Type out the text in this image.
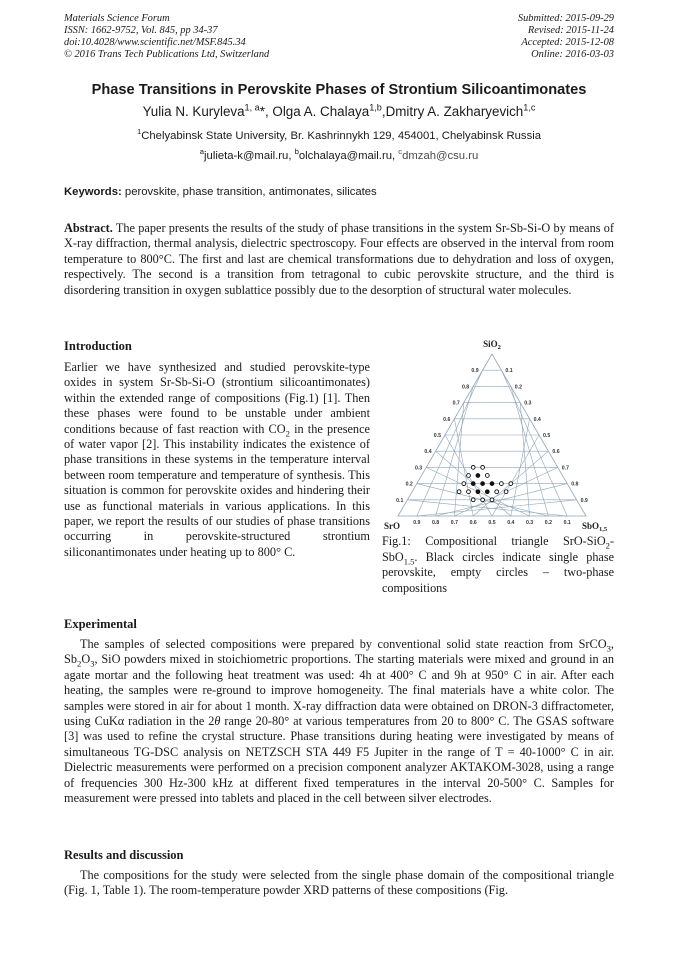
Materials Science Forum
ISSN: 1662-9752, Vol. 845, pp 34-37
doi:10.4028/www.scientific.net/MSF.845.34
© 2016 Trans Tech Publications Ltd, Switzerland
Submitted: 2015-09-29
Revised: 2015-11-24
Accepted: 2015-12-08
Online: 2016-03-03
Phase Transitions in Perovskite Phases of Strontium Silicoantimonates
Yulia N. Kuryleva$^{1, a}$*, Olga A. Chalaya$^{1,b}$,Dmitry A. Zakharyevich$^{1,c}$
$^1$Chelyabinsk State University, Br. Kashrinnykh 129, 454001, Chelyabinsk Russia
$^a$julieta-k@mail.ru, $^b$olchalaya@mail.ru, $^c$dmzah@csu.ru
Keywords: perovskite, phase transition, antimonates, silicates

Abstract. The paper presents the results of the study of phase transitions in the system Sr-Sb-Si-O by means of X-ray diffraction, thermal analysis, dielectric spectroscopy. Four effects are observed in the interval from room temperature to 800°C. The first and last are chemical transformations due to dehydration and loss of oxygen, respectively. The second is a transition from tetragonal to cubic perovskite structure, and the third is disordering transition in oxygen sublattice possibly due to the desorption of structural water molecules.

Introduction

Earlier we have synthesized and studied perovskite-type oxides in system Sr-Sb-Si-O (strontium silicoantimonates) within the extended range of compositions (Fig.1) [1]. Then these phases were found to be unstable under ambient conditions because of fast reaction with $CO_2$ in the presence of water vapor [2]. This instability indicates the existence of phase transitions in these systems in the temperature interval between room temperature and temperature of synthesis. This situation is common for perovskite oxides and hindering their use as functional materials in various applications. In this paper, we report the results of our studies of phase transitions occurring in perovskite-structured strontium siliconantimonates under heating up to 800° C.

0.9
0.9
0.9
0.8
0.8
0.8
0.7
0.7
0.7
0.6
0.6
0.6
0.5
0.5	0.5
0.4
0.4
0.4
0.3
0.3
0.3
0.2
0.2
0.2
0.1
0.1
0.1
SiO$_2$
SrO	SbO$_{1,5}$

Fig.1: Compositional triangle SrO-SiO$_2$-SbO$_{1.5}$. Black circles indicate single phase perovskite, empty circles – two-phase compositions

Experimental

The samples of selected compositions were prepared by conventional solid state reaction from SrCO$_3$, $Sb_2O_3$, SiO powders mixed in stoichiometric proportions. The starting materials were mixed and ground in an agate mortar and the following heat treatment was used: 4h at 400° C and 9h at 950° C in air. After each heating, the samples were re-ground to improve homogeneity. The final materials have a white color. The samples were stored in air for about 1 month. X-ray diffraction data were obtained on DRON-3 diffractometer, using CuKα radiation in the 2θ range 20-80° at various temperatures from 20 to 800° C. The GSAS software [3] was used to refine the crystal structure. Phase transitions during heating were investigated by means of simultaneous TG-DSC analysis on NETZSCH STA 449 F5 Jupiter in the range of T = 40-1000° C in air. Dielectric measurements were performed on a precision component analyzer AKTAKOM-3028, using a range of frequencies 300 Hz-300 kHz at different fixed temperatures in the interval 20-500° C. Samples for measurement were pressed into tablets and placed in the cell between silver electrodes.

Results and discussion

The compositions for the study were selected from the single phase domain of the compositional triangle (Fig. 1, Table 1). The room-temperature powder XRD patterns of these compositions (Fig.
